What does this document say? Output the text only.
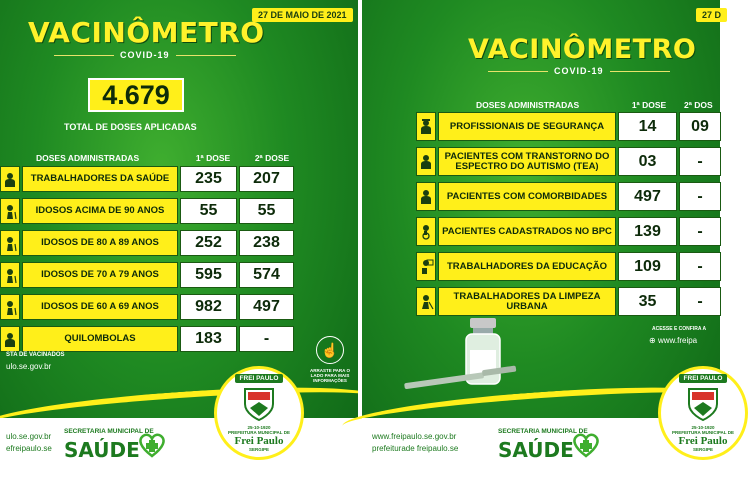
27 DE MAIO DE 2021
VACINÔMETRO
COVID-19
4.679
TOTAL DE DOSES APLICADAS
DOSES ADMINISTRADAS	1ª DOSE	2ª DOSE
TRABALHADORES DA SAÚDE	235	207
IDOSOS ACIMA DE 90 ANOS	55	55
IDOSOS DE 80 A 89 ANOS	252	238
IDOSOS DE 70 A 79 ANOS	595	574
IDOSOS DE 60 A 69 ANOS	982	497
QUILOMBOLAS	183	-
STA DE VACINADOS
ulo.se.gov.br
☝
ARRASTE PARA O LADO PARA MAIS INFORMAÇÕES
ulo.se.gov.br
efreipaulo.se
SECRETARIA MUNICIPAL DE
SAÚDE
FREI PAULO
25-10-1920
PREFEITURA MUNICIPAL DE
Frei Paulo
SERGIPE
27 D
VACINÔMETRO
COVID-19
DOSES ADMINISTRADAS	1ª DOSE	2ª DOS
PROFISSIONAIS DE SEGURANÇA	14	09
PACIENTES COM TRANSTORNO DO ESPECTRO DO AUTISMO (TEA)	03	-
PACIENTES COM COMORBIDADES	497	-
PACIENTES CADASTRADOS NO BPC	139	-
TRABALHADORES DA EDUCAÇÃO	109	-
TRABALHADORES DA LIMPEZA URBANA	35	-
ACESSE E CONFIRA A
www.freipa
⊕
www.freipaulo.se.gov.br
prefeiturade freipaulo.se
SECRETARIA MUNICIPAL DE
SAÚDE
FREI PAULO
25-10-1920
PREFEITURA MUNICIPAL DE
Frei Paulo
SERGIPE
